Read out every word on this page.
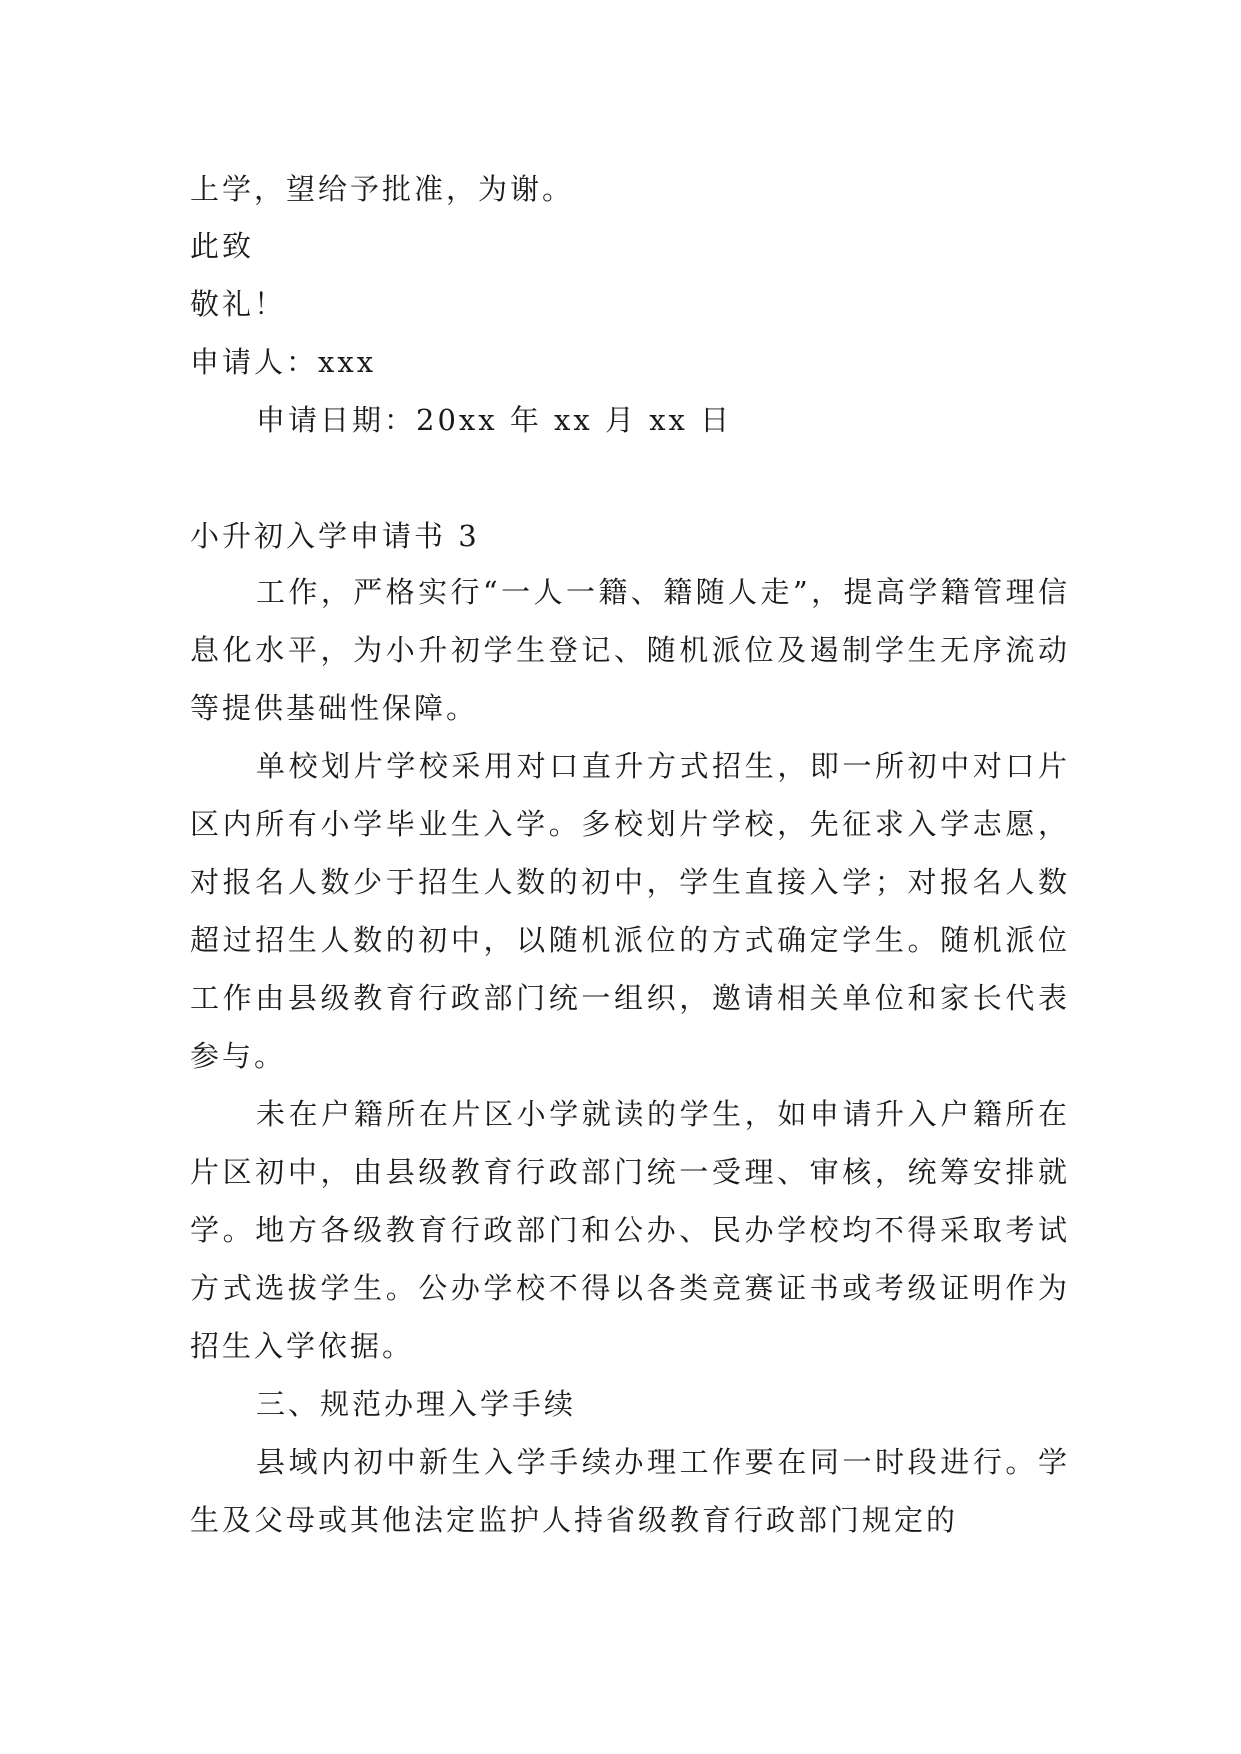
上学，望给予批准，为谢。
此致
敬礼！
申请人：xxx
申请日期：20xx 年 xx 月 xx 日
小升初入学申请书 3

工作，严格实行“一人一籍、籍随人走”，提高学籍管理信息化水平，为小升初学生登记、随机派位及遏制学生无序流动等提供基础性保障。

单校划片学校采用对口直升方式招生，即一所初中对口片区内所有小学毕业生入学。多校划片学校，先征求入学志愿，对报名人数少于招生人数的初中，学生直接入学；对报名人数超过招生人数的初中，以随机派位的方式确定学生。随机派位工作由县级教育行政部门统一组织，邀请相关单位和家长代表参与。

未在户籍所在片区小学就读的学生，如申请升入户籍所在片区初中，由县级教育行政部门统一受理、审核，统筹安排就学。地方各级教育行政部门和公办、民办学校均不得采取考试方式选拔学生。公办学校不得以各类竞赛证书或考级证明作为招生入学依据。

三、规范办理入学手续

县域内初中新生入学手续办理工作要在同一时段进行。学生及父母或其他法定监护人持省级教育行政部门规定的
